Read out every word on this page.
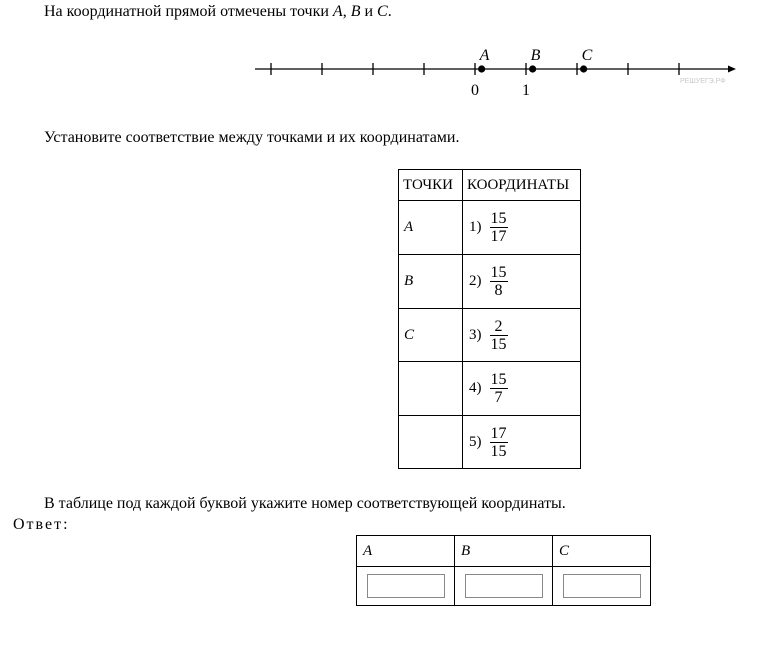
На координатной прямой отмечены точки A, B и C.
A	B	C
0	1
РЕШУЕГЭ.РФ
Установите соответствие между точками и их координатами.
ТОЧКИ	КООРДИНАТЫ
A	$1) \frac{15}{17}$

B	$2) \frac{15}{8}$

C	$3) \frac{2}{15}$

	$4) \frac{15}{7}$

	$5) \frac{17}{15}$
В таблице под каждой буквой укажите номер соответствующей координаты.
Ответ:
A	B	C
